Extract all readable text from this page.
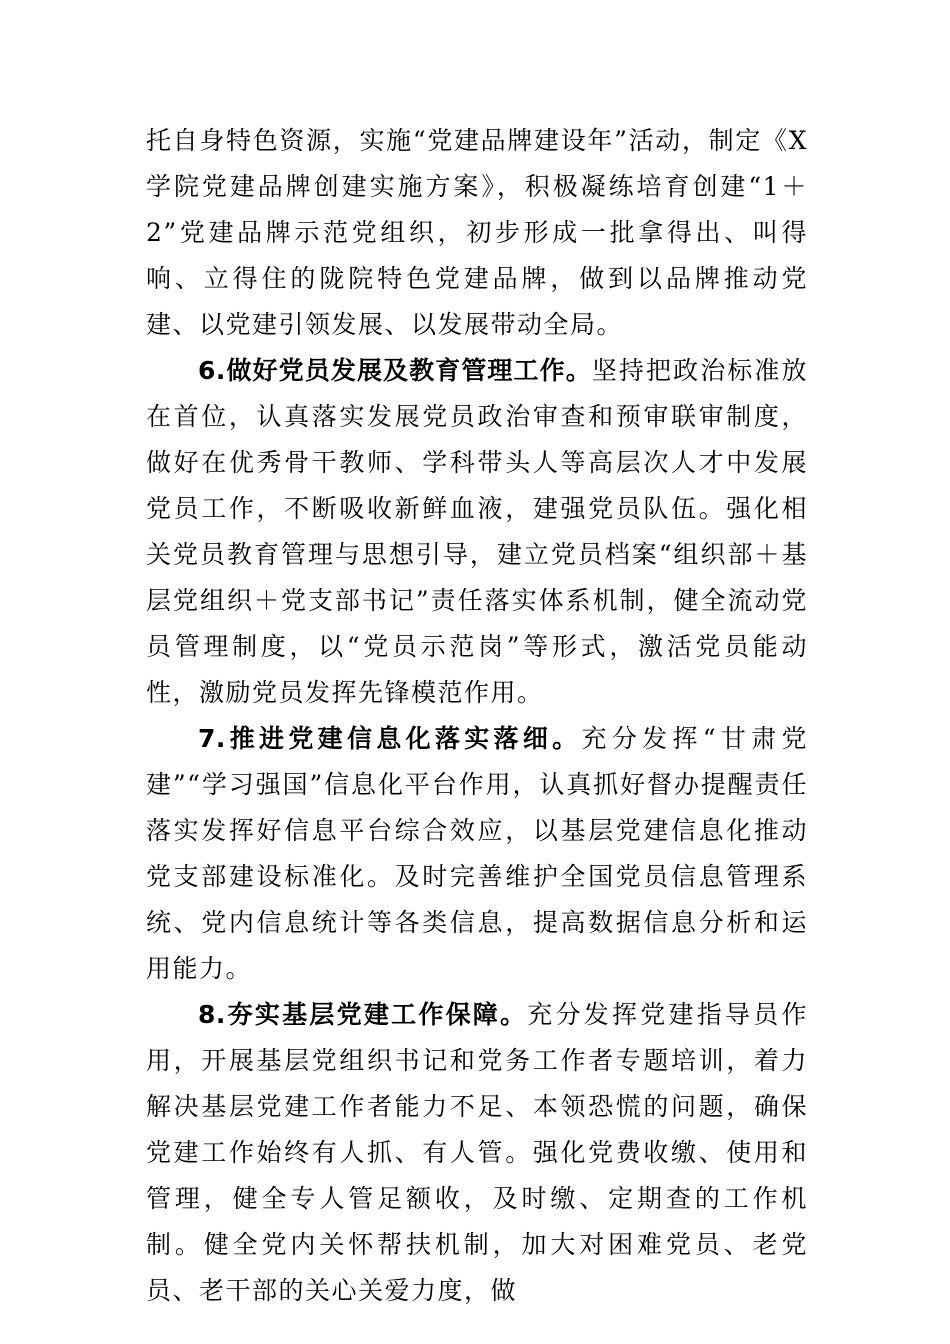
托自身特色资源，实施“党建品牌建设年”活动，制定《X学院党建品牌创建实施方案》，积极凝练培育创建“1＋2”党建品牌示范党组织，初步形成一批拿得出、叫得响、立得住的陇院特色党建品牌，做到以品牌推动党建、以党建引领发展、以发展带动全局。

6.做好党员发展及教育管理工作。坚持把政治标准放在首位，认真落实发展党员政治审查和预审联审制度，做好在优秀骨干教师、学科带头人等高层次人才中发展党员工作，不断吸收新鲜血液，建强党员队伍。强化相关党员教育管理与思想引导，建立党员档案“组织部＋基层党组织＋党支部书记”责任落实体系机制，健全流动党员管理制度，以“党员示范岗”等形式，激活党员能动性，激励党员发挥先锋模范作用。

7.推进党建信息化落实落细。充分发挥“甘肃党建”“学习强国”信息化平台作用，认真抓好督办提醒责任落实发挥好信息平台综合效应，以基层党建信息化推动党支部建设标准化。及时完善维护全国党员信息管理系统、党内信息统计等各类信息，提高数据信息分析和运用能力。

8.夯实基层党建工作保障。充分发挥党建指导员作用，开展基层党组织书记和党务工作者专题培训，着力解决基层党建工作者能力不足、本领恐慌的问题，确保党建工作始终有人抓、有人管。强化党费收缴、使用和管理，健全专人管足额收，及时缴、定期查的工作机制。健全党内关怀帮扶机制，加大对困难党员、老党员、老干部的关心关爱力度，做
